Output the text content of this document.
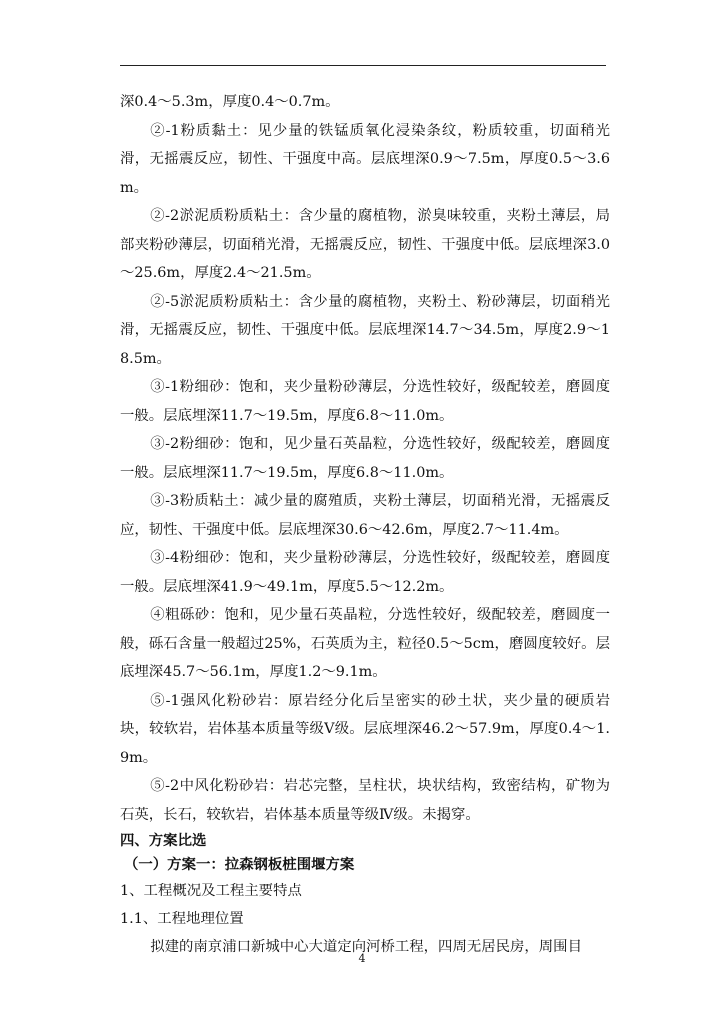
深0.4～5.3m，厚度0.4～0.7m。

②-1粉质黏土：见少量的铁锰质氧化浸染条纹，粉质较重，切面稍光滑，无摇震反应，韧性、干强度中高。层底埋深0.9～7.5m，厚度0.5～3.6m。

②-2淤泥质粉质粘土：含少量的腐植物，淤臭味较重，夹粉土薄层，局部夹粉砂薄层，切面稍光滑，无摇震反应，韧性、干强度中低。层底埋深3.0～25.6m，厚度2.4～21.5m。

②-5淤泥质粉质粘土：含少量的腐植物，夹粉土、粉砂薄层，切面稍光滑，无摇震反应，韧性、干强度中低。层底埋深14.7～34.5m，厚度2.9～18.5m。

③-1粉细砂：饱和，夹少量粉砂薄层，分选性较好，级配较差，磨圆度一般。层底埋深11.7～19.5m，厚度6.8～11.0m。

③-2粉细砂：饱和，见少量石英晶粒，分选性较好，级配较差，磨圆度一般。层底埋深11.7～19.5m，厚度6.8～11.0m。

③-3粉质粘土：减少量的腐殖质，夹粉土薄层，切面稍光滑，无摇震反应，韧性、干强度中低。层底埋深30.6～42.6m，厚度2.7～11.4m。

③-4粉细砂：饱和，夹少量粉砂薄层，分选性较好，级配较差，磨圆度一般。层底埋深41.9～49.1m，厚度5.5～12.2m。

④粗砾砂：饱和，见少量石英晶粒，分选性较好，级配较差，磨圆度一般，砾石含量一般超过25%，石英质为主，粒径0.5～5cm，磨圆度较好。层底埋深45.7～56.1m，厚度1.2～9.1m。

⑤-1强风化粉砂岩：原岩经分化后呈密实的砂土状，夹少量的硬质岩块，较软岩，岩体基本质量等级Ⅴ级。层底埋深46.2～57.9m，厚度0.4～1.9m。

⑤-2中风化粉砂岩：岩芯完整，呈柱状，块状结构，致密结构，矿物为石英，长石，较软岩，岩体基本质量等级Ⅳ级。未揭穿。

四、方案比选

（一）方案一：拉森钢板桩围堰方案

1、工程概况及工程主要特点

1.1、工程地理位置

拟建的南京浦口新城中心大道定向河桥工程，四周无居民房，周围目

4
